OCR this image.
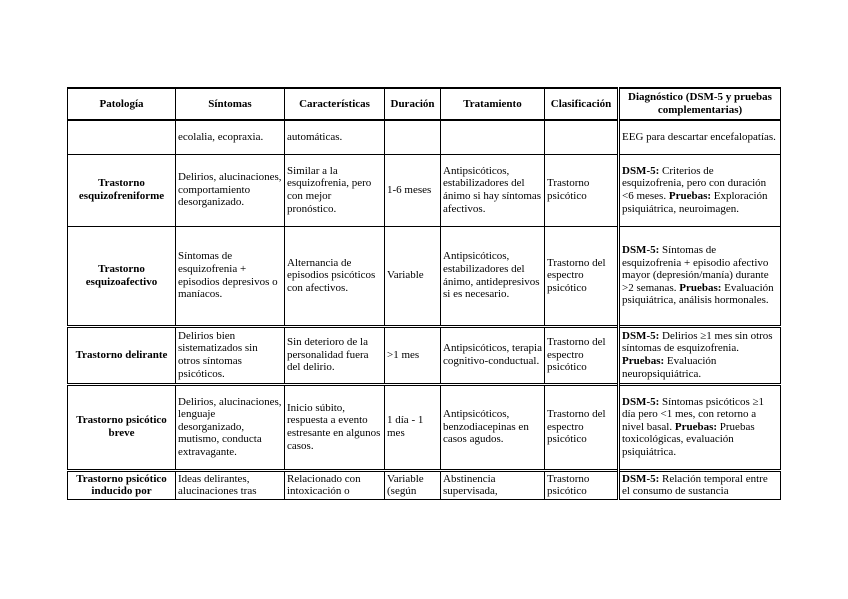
Patología	Síntomas	Características	Duración	Tratamiento	Clasificación	Diagnóstico (DSM-5 y pruebas complementarias)
	ecolalia, ecopraxia.	automáticas.				EEG para descartar encefalopatías.
Trastorno esquizofreniforme	Delirios, alucinaciones, comportamiento desorganizado.	Similar a la esquizofrenia, pero con mejor pronóstico.	1-6 meses	Antipsicóticos, estabilizadores del ánimo si hay síntomas afectivos.	Trastorno psicótico	DSM-5: Criterios de esquizofrenia, pero con duración <6 meses. Pruebas: Exploración psiquiátrica, neuroimagen.
Trastorno esquizoafectivo	Síntomas de esquizofrenia + episodios depresivos o maníacos.	Alternancia de episodios psicóticos con afectivos.	Variable	Antipsicóticos, estabilizadores del ánimo, antidepresivos si es necesario.	Trastorno del espectro psicótico	DSM-5: Síntomas de esquizofrenia + episodio afectivo mayor (depresión/manía) durante >2 semanas. Pruebas: Evaluación psiquiátrica, análisis hormonales.
Trastorno delirante	Delirios bien sistematizados sin otros síntomas psicóticos.	Sin deterioro de la personalidad fuera del delirio.	>1 mes	Antipsicóticos, terapia cognitivo-conductual.	Trastorno del espectro psicótico	DSM-5: Delirios ≥1 mes sin otros síntomas de esquizofrenia. Pruebas: Evaluación neuropsiquiátrica.
Trastorno psicótico breve	Delirios, alucinaciones, lenguaje desorganizado, mutismo, conducta extravagante.	Inicio súbito, respuesta a evento estresante en algunos casos.	1 día - 1 mes	Antipsicóticos, benzodiacepinas en casos agudos.	Trastorno del espectro psicótico	DSM-5: Síntomas psicóticos ≥1 día pero <1 mes, con retorno a nivel basal. Pruebas: Pruebas toxicológicas, evaluación psiquiátrica.
Trastorno psicótico inducido por	Ideas delirantes, alucinaciones tras	Relacionado con intoxicación o	Variable (según	Abstinencia supervisada,	Trastorno psicótico	DSM-5: Relación temporal entre el consumo de sustancia
